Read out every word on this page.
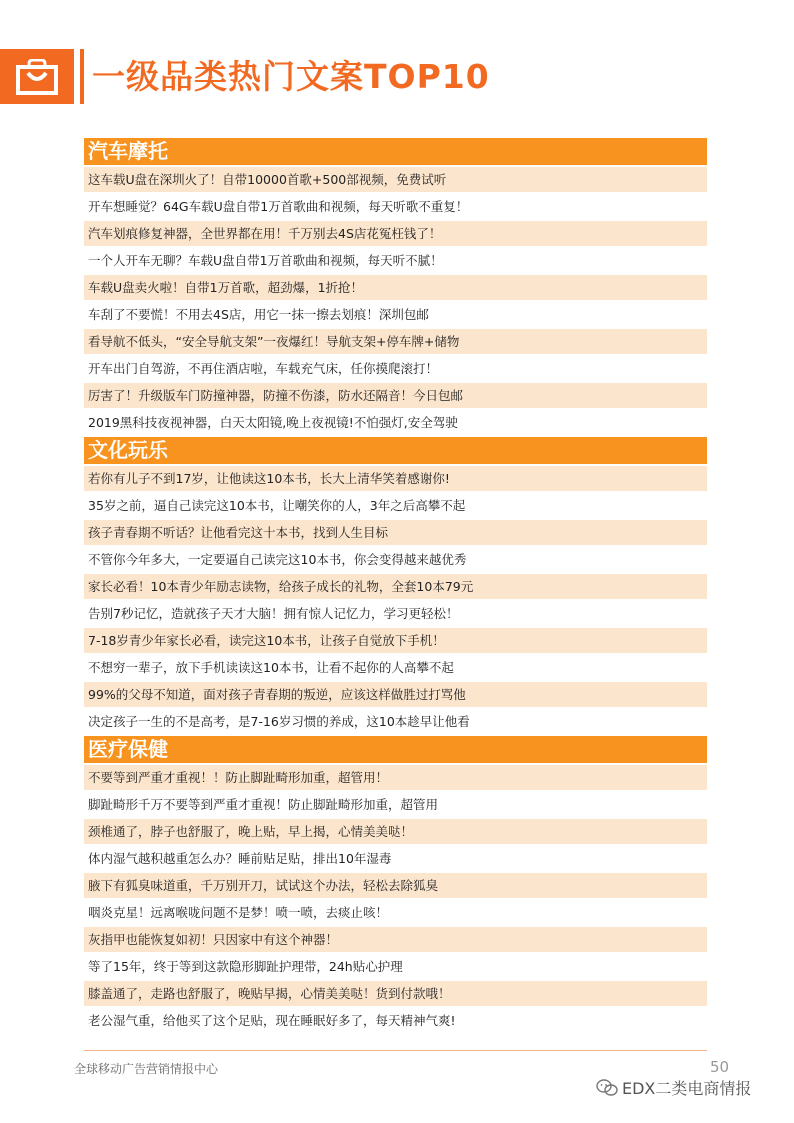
一级品类热门文案TOP10
汽车摩托
这车载U盘在深圳火了！自带10000首歌+500部视频，免费试听
开车想睡觉？64G车载U盘自带1万首歌曲和视频，每天听歌不重复！
汽车划痕修复神器，全世界都在用！千万别去4S店花冤枉钱了！
一个人开车无聊？车载U盘自带1万首歌曲和视频，每天听不腻！
车载U盘卖火啦！自带1万首歌，超劲爆，1折抢！
车刮了不要慌！不用去4S店，用它一抹一擦去划痕！深圳包邮
看导航不低头，“安全导航支架”一夜爆红！导航支架+停车牌+储物
开车出门自驾游，不再住酒店啦，车载充气床，任你摸爬滚打！
厉害了！升级版车门防撞神器，防撞不伤漆，防水还隔音！今日包邮
2019黑科技夜视神器，白天太阳镜,晚上夜视镜!不怕强灯,安全驾驶
文化玩乐
若你有儿子不到17岁，让他读这10本书，长大上清华笑着感谢你!
35岁之前，逼自己读完这10本书，让嘲笑你的人，3年之后高攀不起
孩子青春期不听话？让他看完这十本书，找到人生目标
不管你今年多大，一定要逼自己读完这10本书，你会变得越来越优秀
家长必看！10本青少年励志读物，给孩子成长的礼物，全套10本79元
告别7秒记忆，造就孩子天才大脑！拥有惊人记忆力，学习更轻松！
7-18岁青少年家长必看，读完这10本书，让孩子自觉放下手机！
不想穷一辈子，放下手机读读这10本书，让看不起你的人高攀不起
99%的父母不知道，面对孩子青春期的叛逆，应该这样做胜过打骂他
决定孩子一生的不是高考，是7-16岁习惯的养成，这10本趁早让他看
医疗保健
不要等到严重才重视！！防止脚趾畸形加重，超管用！
脚趾畸形千万不要等到严重才重视！防止脚趾畸形加重，超管用
颈椎通了，脖子也舒服了，晚上贴，早上揭，心情美美哒！
体内湿气越积越重怎么办？睡前贴足贴，排出10年湿毒
腋下有狐臭味道重，千万别开刀，试试这个办法，轻松去除狐臭
咽炎克星！远离喉咙问题不是梦！喷一喷，去痰止咳！
灰指甲也能恢复如初！只因家中有这个神器！
等了15年，终于等到这款隐形脚趾护理带，24h贴心护理
膝盖通了，走路也舒服了，晚贴早揭，心情美美哒！货到付款哦！
老公湿气重，给他买了这个足贴，现在睡眠好多了，每天精神气爽!
全球移动广告营销情报中心	50
EDX二类电商情报
